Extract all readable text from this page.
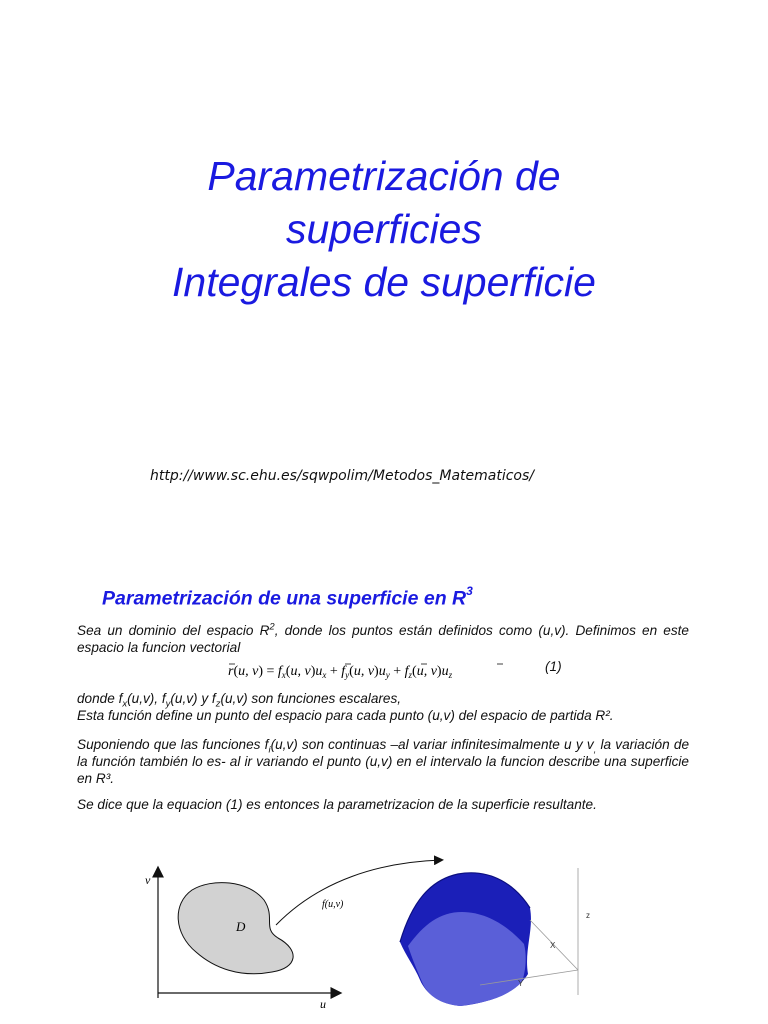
Parametrización de
superficies
Integrales de superficie
http://www.sc.ehu.es/sqwpolim/Metodos_Matematicos/
Parametrización de una superficie en $R^3$
Sea un dominio del espacio $R^2$, donde los puntos están definidos como (u,v). Definimos en este espacio la funcion vectorial
r(u, $v) = f_x(u$, $v)u_x + f_y(u$, $v)u_y + f_z(u$, $v)u_z$
(1)
donde $f_x(u,v)$, $f_y(u,v)$ y $f_z(u,v)$ son funciones escalares,
Esta función define un punto del espacio para cada punto (u,v) del espacio de partida R².
Suponiendo que las funciones $f_i(u,v)$ son continuas –al variar infinitesimalmente u y $v_,$ la variación de la función también lo es- al ir variando el punto (u,v) en el intervalo la funcion describe una superficie en R³.
Se dice que la equacion (1) es entonces la parametrizacion de la superficie resultante.
v
u
D
f(u,v)
z
X
Y
